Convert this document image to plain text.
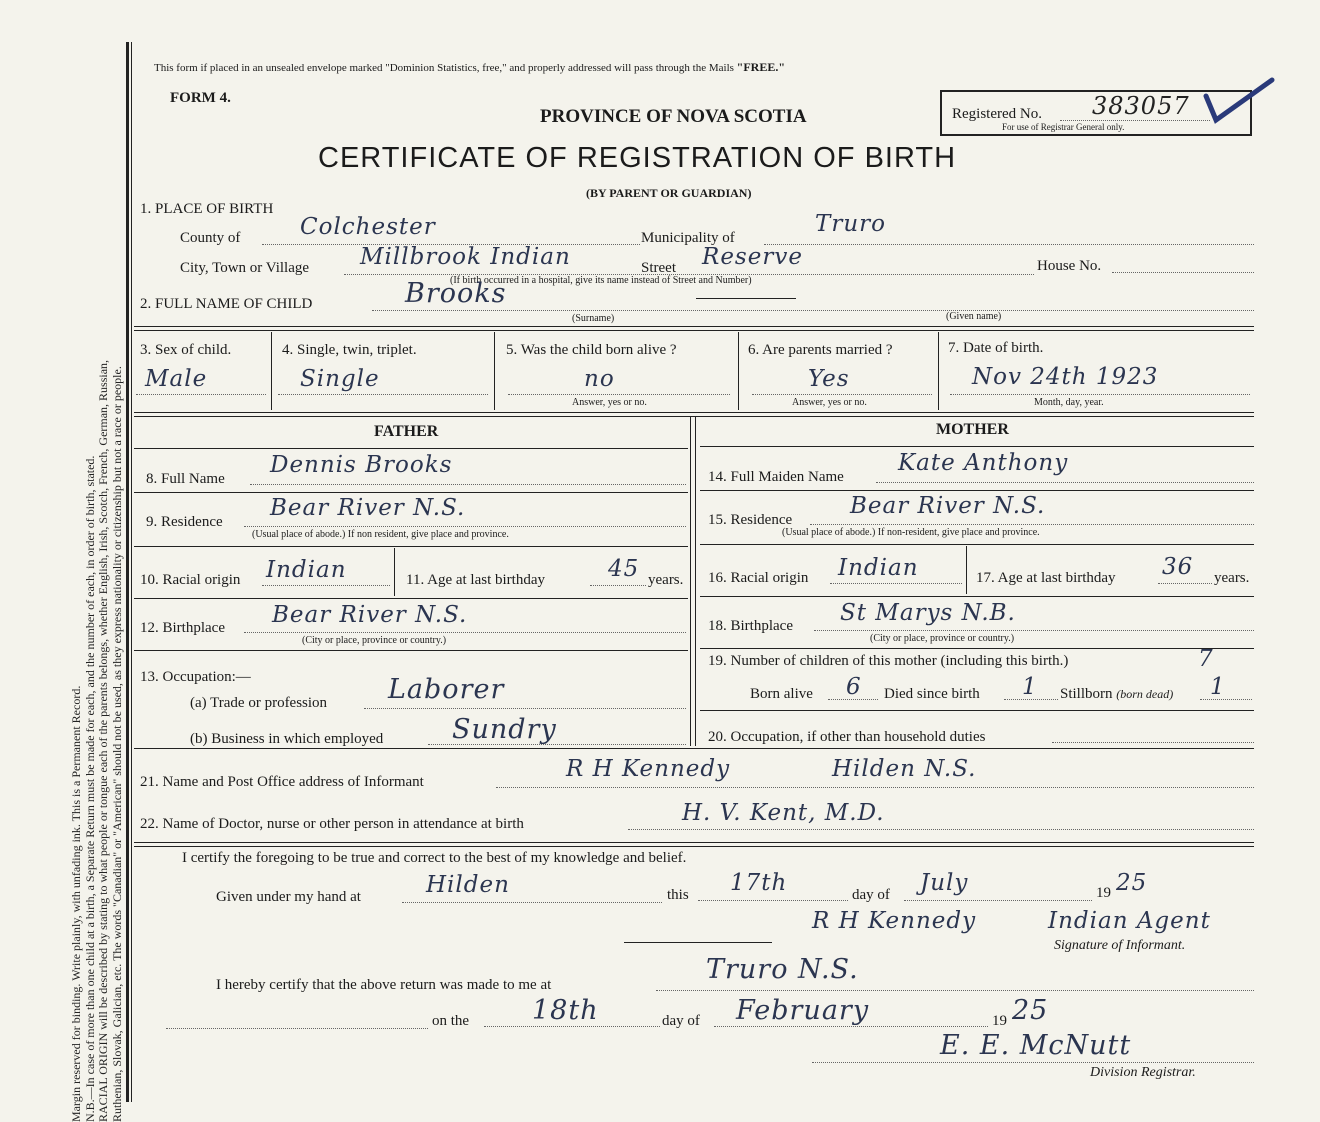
Margin reserved for binding. Write plainly, with unfading ink. This is a Permanent Record. N.B.—In case of more than one child at a birth, a Separate Return must be made for each, and the number of each, in order of birth, stated. RACIAL ORIGIN will be described by stating to what people or tongue each of the parents belongs, whether English, Irish, Scotch, French, German, Russian, Ruthenian, Slovak, Galician, etc. The words "Canadian" or "American" should not be used, as they express nationality or citizenship but not a race or people.
This form if placed in an unsealed envelope marked "Dominion Statistics, free," and properly addressed will pass through the Mails "FREE."
FORM 4.
PROVINCE OF NOVA SCOTIA
CERTIFICATE OF REGISTRATION OF BIRTH
(BY PARENT OR GUARDIAN)
Registered No. 383057
For use of Registrar General only.
1. PLACE OF BIRTH
County of	Colchester	Municipality of
Truro
City, Town or Village Millbrook Indian	Street Reserve	House No.
(If birth occurred in a hospital, give its name instead of Street and Number)
2. FULL NAME OF CHILD	Brooks
(Surname)	(Given name)
3. Sex of child.
Male
4. Single, twin, triplet.
Single
5. Was the child born alive ?
no
Answer, yes or no.
6. Are parents married ?
Yes
Answer, yes or no.
7. Date of birth.
Nov 24th 1923
Month, day, year.
FATHER	MOTHER
8. Full Name
Dennis Brooks
9. Residence
Bear River N.S.
(Usual place of abode.) If non resident, give place and province.
10. Racial origin Indian	11. Age at last birthday	45 years.
12. Birthplace Bear River N.S.
(City or place, province or country.)
13. Occupation:—
(a) Trade or profession Laborer
(b) Business in which employed	Sundry
14. Full Maiden Name
Kate Anthony
15. Residence
Bear River N.S.
(Usual place of abode.) If non-resident, give place and province.
16. Racial origin Indian	17. Age at last birthday 36 years.
18. Birthplace St Marys N.B.
(City or place, province or country.)
19. Number of children of this mother (including this birth.)	7
Born alive 6 Died since birth 1 Stillborn (born dead) 1
20. Occupation, if other than household duties
21. Name and Post Office address of Informant	R H Kennedy	Hilden N.S.
22. Name of Doctor, nurse or other person in attendance at birth	H. V. Kent, M.D.
I certify the foregoing to be true and correct to the best of my knowledge and belief.
Given under my hand at	Hilden	this 17th	day of July	19 25
R H Kennedy	Indian Agent
Signature of Informant.
I hereby certify that the above return was made to me at	Truro N.S.
on the 18th	day of February	19 25
E. E. McNutt
Division Registrar.
